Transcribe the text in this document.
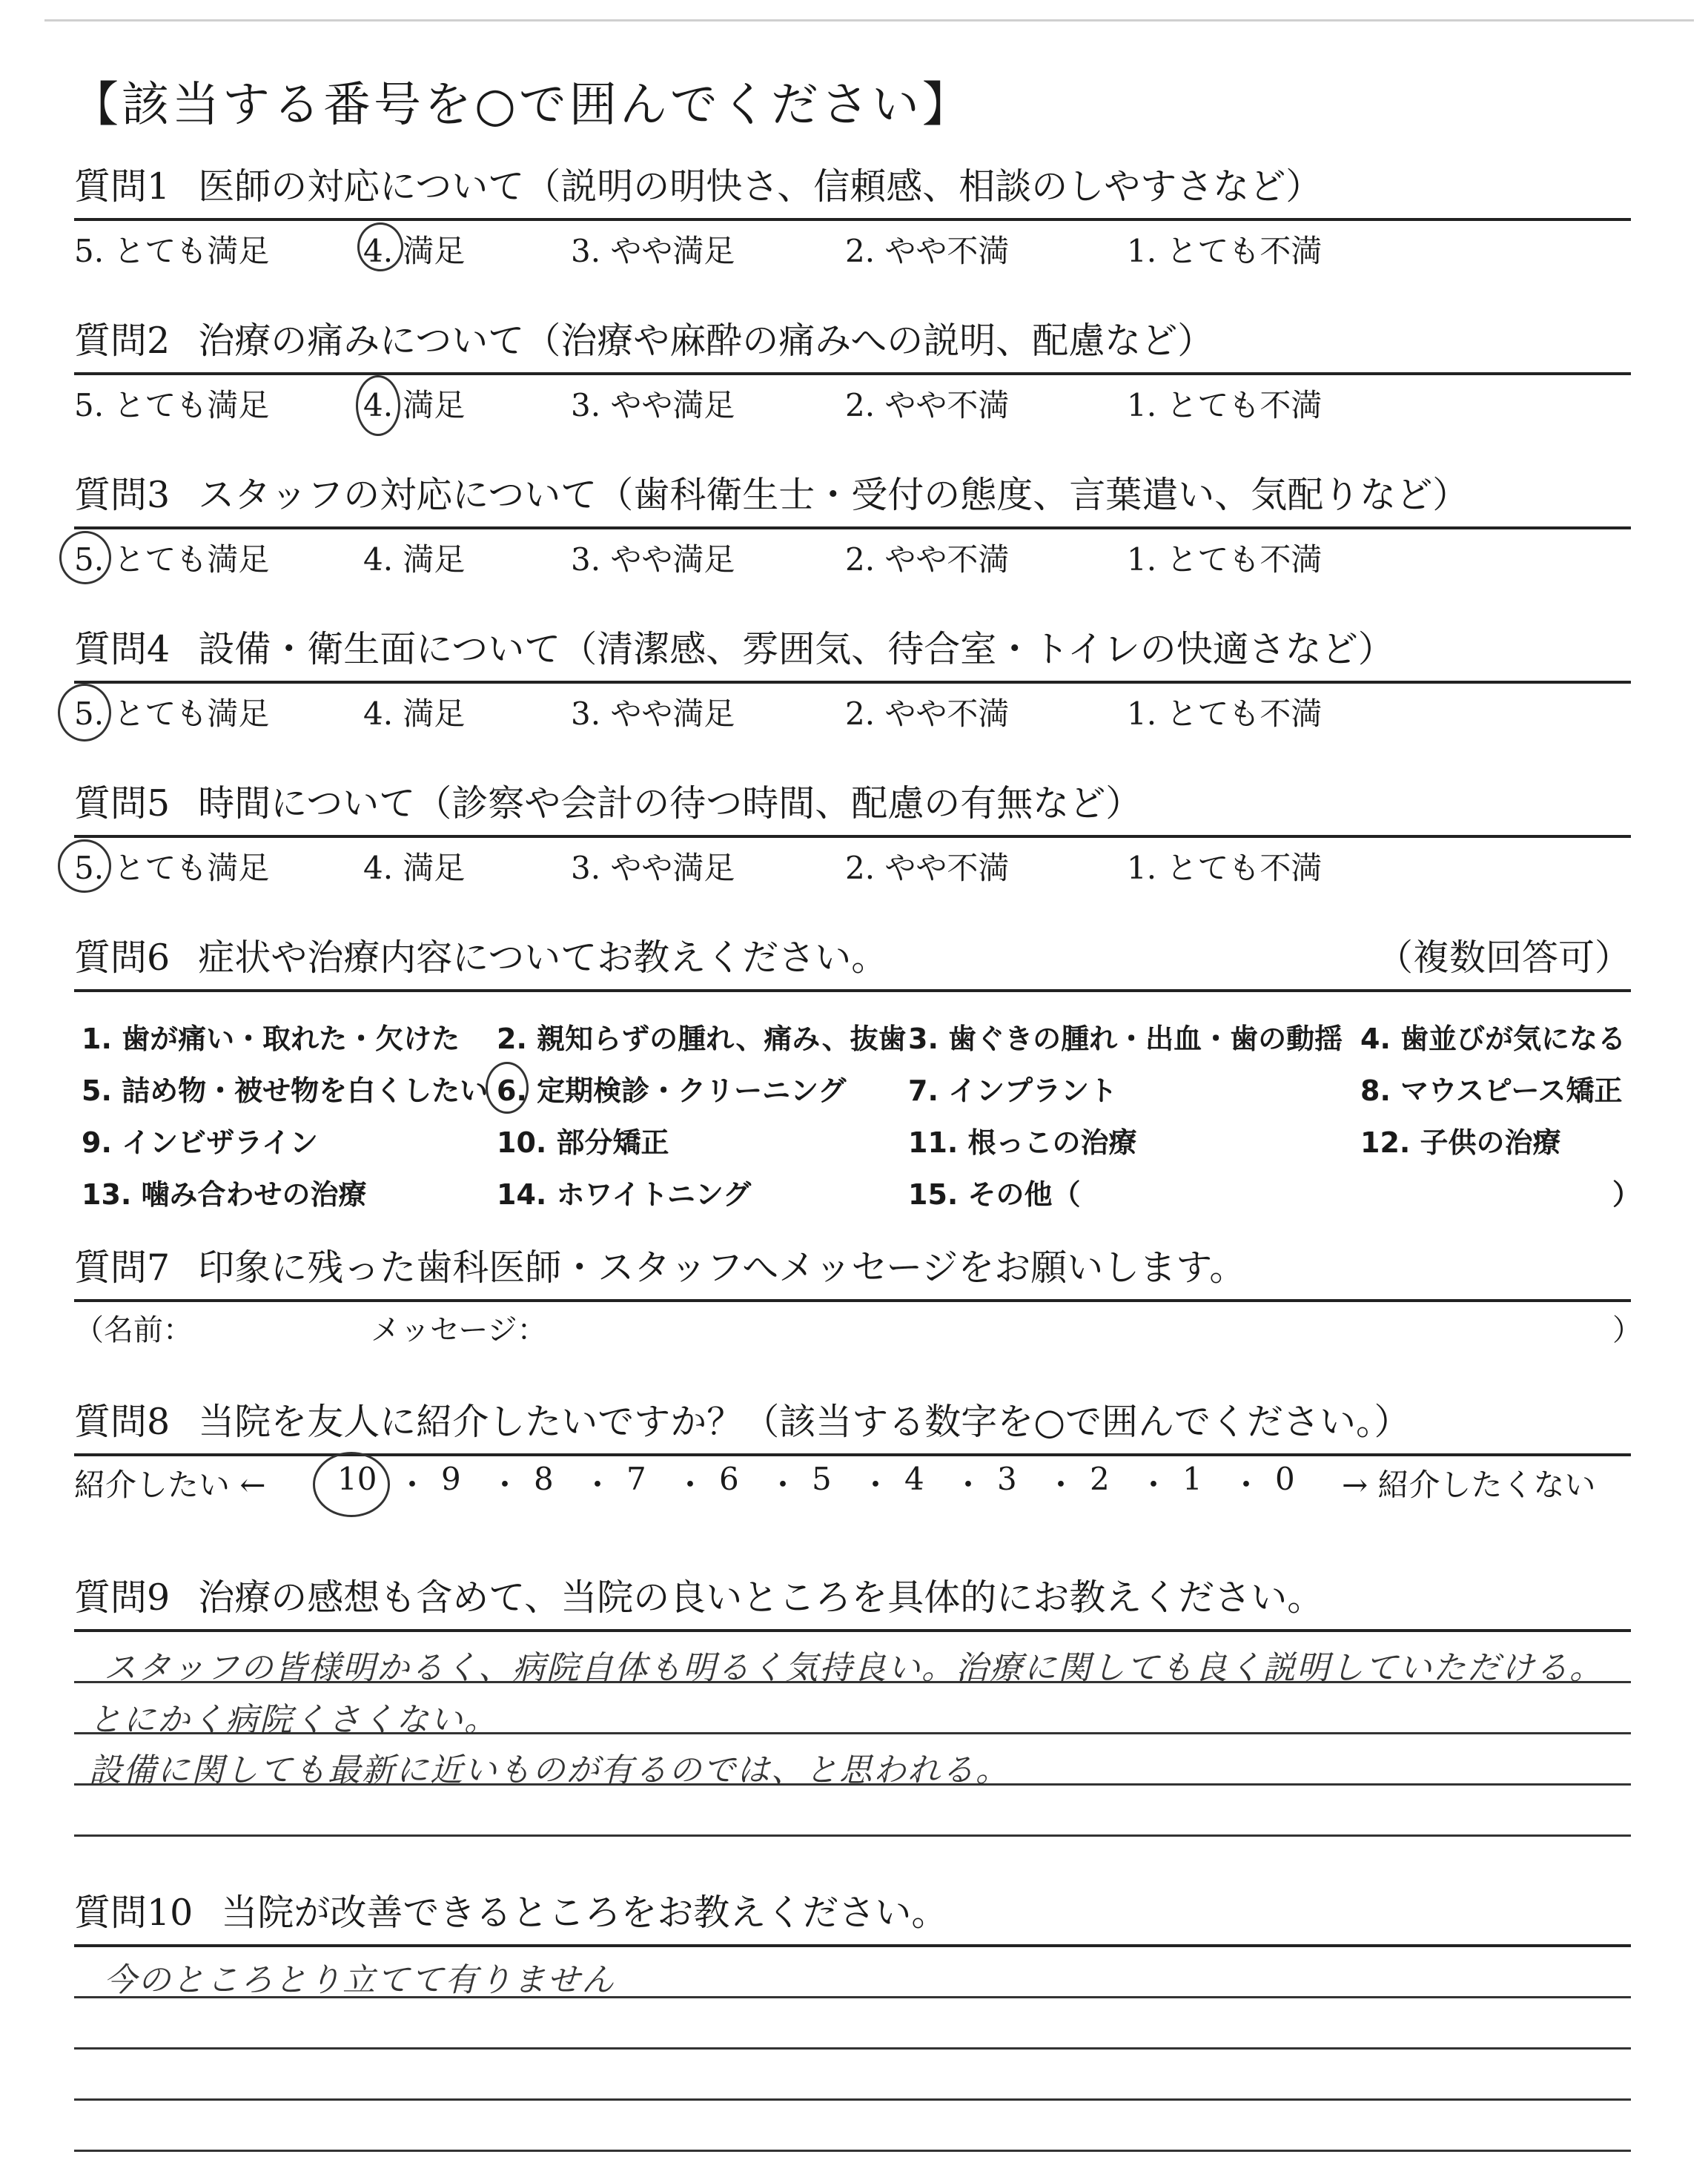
【該当する番号を○で囲んでください】
質問1 医師の対応について（説明の明快さ、信頼感、相談のしやすさなど）
5. とても満足	4. 満足	3. やや満足	2. やや不満	1. とても不満
質問2 治療の痛みについて（治療や麻酔の痛みへの説明、配慮など）
5. とても満足	4. 満足	3. やや満足	2. やや不満	1. とても不満
質問3 スタッフの対応について（歯科衛生士・受付の態度、言葉遣い、気配りなど）
5. とても満足	4. 満足	3. やや満足	2. やや不満	1. とても不満
質問4 設備・衛生面について（清潔感、雰囲気、待合室・トイレの快適さなど）
5. とても満足	4. 満足	3. やや満足	2. やや不満	1. とても不満
質問5 時間について（診察や会計の待つ時間、配慮の有無など）
5. とても満足	4. 満足	3. やや満足	2. やや不満	1. とても不満
質問6 症状や治療内容についてお教えください。	（複数回答可）
1. 歯が痛い・取れた・欠けた 2. 親知らずの腫れ、痛み、抜歯 3. 歯ぐきの腫れ・出血・歯の動揺 4. 歯並びが気になる
5. 詰め物・被せ物を白くしたい 6. 定期検診・クリーニング 7. インプラント	8. マウスピース矯正
9. インビザライン	10. 部分矯正	11. 根っこの治療	12. 子供の治療
13. 噛み合わせの治療	14. ホワイトニング	15. その他（	）
質問7 印象に残った歯科医師・スタッフへメッセージをお願いします。
（名前：	メッセージ：	）
質問8 当院を友人に紹介したいですか？（該当する数字を○で囲んでください。）
紹介したい ← 10 ・ 9 ・ 8 ・ 7 ・ 6 ・ 5 ・ 4 ・ 3 ・ 2 ・ 1 ・ 0 → 紹介したくない
質問9 治療の感想も含めて、当院の良いところを具体的にお教えください。
スタッフの皆様明かるく、病院自体も明るく気持良い。治療に関しても良く説明していただける。
とにかく病院くさくない。
設備に関しても最新に近いものが有るのでは、と思われる。
質問10 当院が改善できるところをお教えください。
今のところとり立てて有りません
